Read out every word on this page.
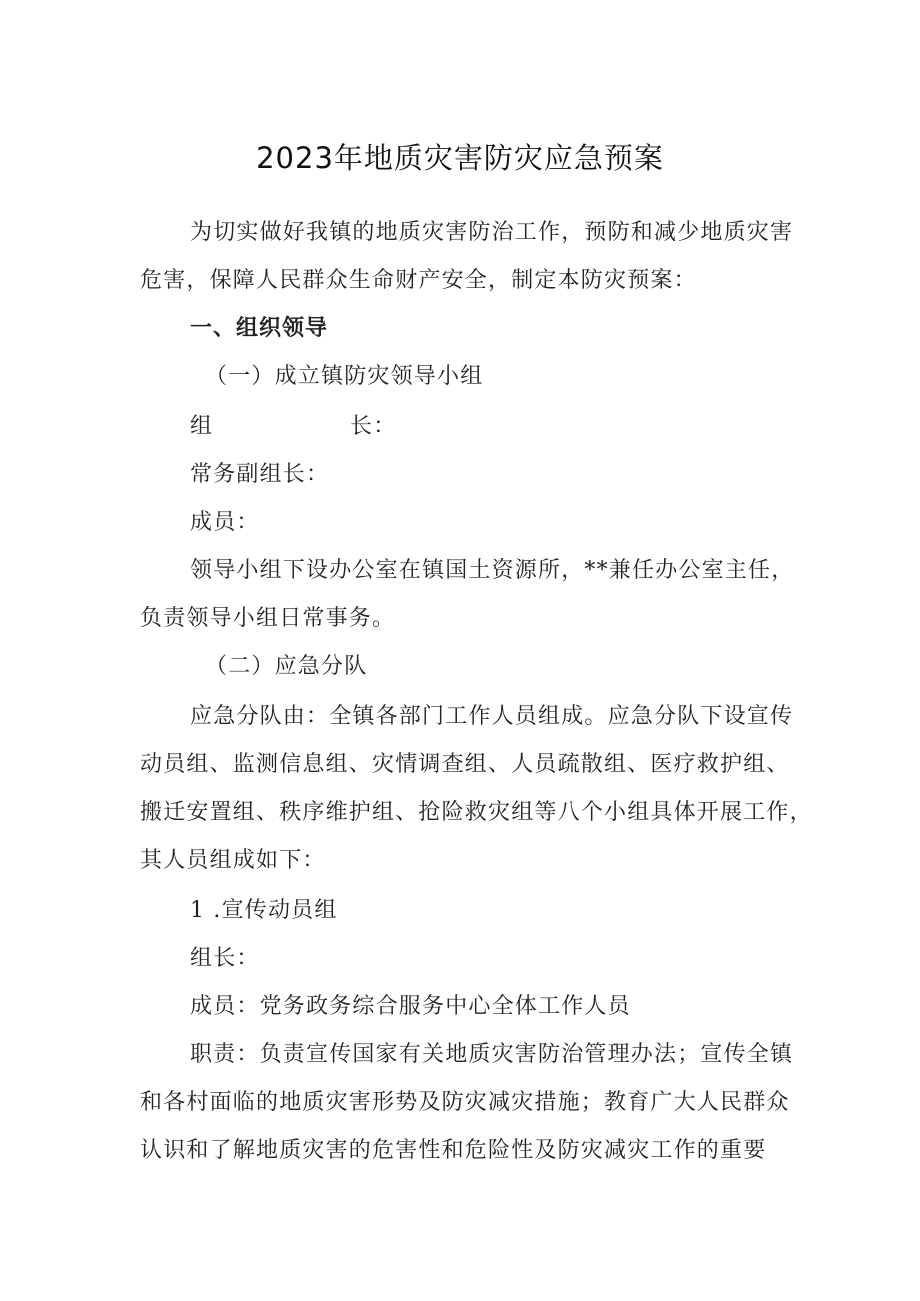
2023年地质灾害防灾应急预案
为切实做好我镇的地质灾害防治工作，预防和减少地质灾害
危害，保障人民群众生命财产安全，制定本防灾预案：
一、组织领导
（一）成立镇防灾领导小组
组	长：
常务副组长：
成员：
领导小组下设办公室在镇国土资源所，**兼任办公室主任，
负责领导小组日常事务。
（二）应急分队
应急分队由：全镇各部门工作人员组成。应急分队下设宣传
动员组、监测信息组、灾情调查组、人员疏散组、医疗救护组、
搬迁安置组、秩序维护组、抢险救灾组等八个小组具体开展工作，
其人员组成如下：
1 .宣传动员组
组长：
成员：党务政务综合服务中心全体工作人员
职责：负责宣传国家有关地质灾害防治管理办法；宣传全镇
和各村面临的地质灾害形势及防灾减灾措施；教育广大人民群众
认识和了解地质灾害的危害性和危险性及防灾减灾工作的重要
